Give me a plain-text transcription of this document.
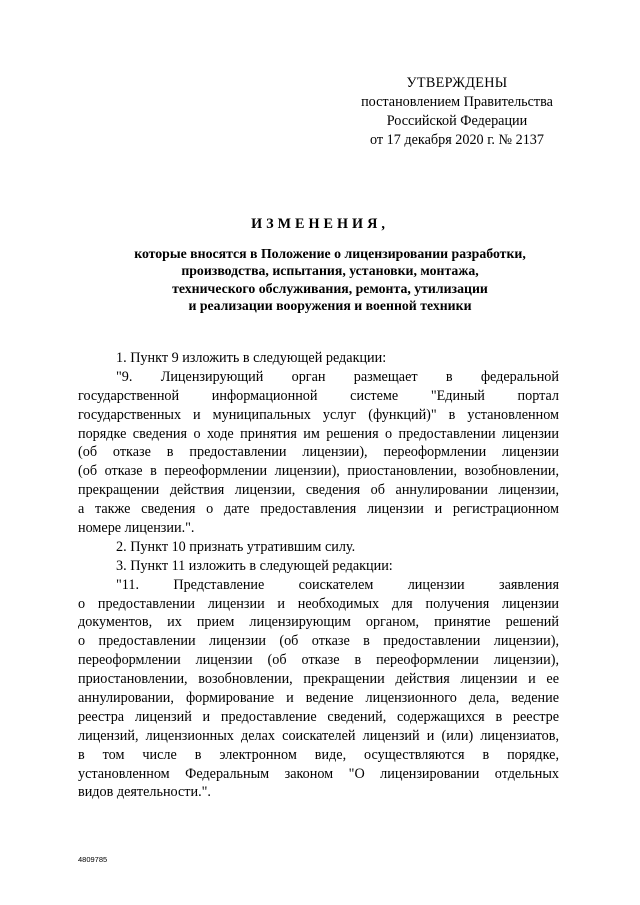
УТВЕРЖДЕНЫ
постановлением Правительства
Российской Федерации
от 17 декабря 2020 г. № 2137
ИЗМЕНЕНИЯ,
которые вносятся в Положение о лицензировании разработки,
производства, испытания, установки, монтажа,
технического обслуживания, ремонта, утилизации
и реализации вооружения и военной техники
1. Пункт 9 изложить в следующей редакции:
"9. Лицензирующий орган размещает в федеральной
государственной информационной системе "Единый портал
государственных и муниципальных услуг (функций)" в установленном
порядке сведения о ходе принятия им решения о предоставлении лицензии
(об отказе в предоставлении лицензии), переоформлении лицензии
(об отказе в переоформлении лицензии), приостановлении, возобновлении,
прекращении действия лицензии, сведения об аннулировании лицензии,
а также сведения о дате предоставления лицензии и регистрационном
номере лицензии.".
2. Пункт 10 признать утратившим силу.
3. Пункт 11 изложить в следующей редакции:
"11. Представление соискателем лицензии заявления
о предоставлении лицензии и необходимых для получения лицензии
документов, их прием лицензирующим органом, принятие решений
о предоставлении лицензии (об отказе в предоставлении лицензии),
переоформлении лицензии (об отказе в переоформлении лицензии),
приостановлении, возобновлении, прекращении действия лицензии и ее
аннулировании, формирование и ведение лицензионного дела, ведение
реестра лицензий и предоставление сведений, содержащихся в реестре
лицензий, лицензионных делах соискателей лицензий и (или) лицензиатов,
в том числе в электронном виде, осуществляются в порядке,
установленном Федеральным законом "О лицензировании отдельных
видов деятельности.".
4809785
